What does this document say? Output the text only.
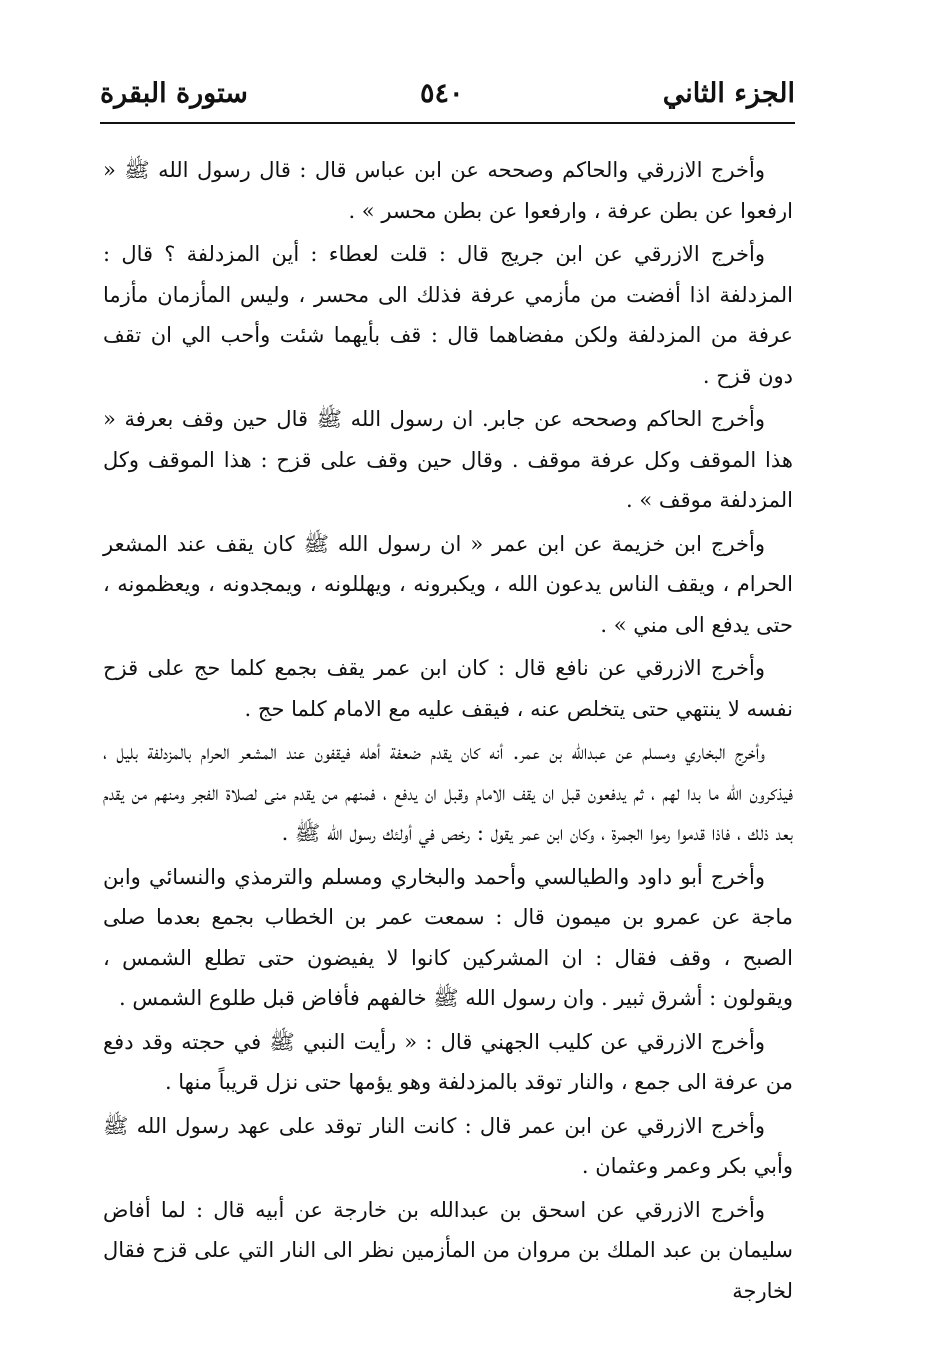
الجزء الثاني
٥٤٠
ستورة البقرة

وأخرج الازرقي والحاكم وصححه عن ابن عباس قال : قال رسول الله ﷺ « ارفعوا عن بطن عرفة ، وارفعوا عن بطن محسر » .

وأخرج الازرقي عن ابن جريج قال : قلت لعطاء : أين المزدلفة ؟ قال : المزدلفة اذا أفضت من مأزمي عرفة فذلك الى محسر ، وليس المأزمان مأزما عرفة من المزدلفة ولكن مفضاهما قال : قف بأيهما شئت وأحب الي ان تقف دون قزح .

وأخرج الحاكم وصححه عن جابر. ان رسول الله ﷺ قال حين وقف بعرفة « هذا الموقف وكل عرفة موقف . وقال حين وقف على قزح : هذا الموقف وكل المزدلفة موقف » .

وأخرج ابن خزيمة عن ابن عمر « ان رسول الله ﷺ كان يقف عند المشعر الحرام ، ويقف الناس يدعون الله ، ويكبرونه ، ويهللونه ، ويمجدونه ، ويعظمونه ، حتى يدفع الى مني » .

وأخرج الازرقي عن نافع قال : كان ابن عمر يقف بجمع كلما حج على قزح نفسه لا ينتهي حتى يتخلص عنه ، فيقف عليه مع الامام كلما حج .

وأخرج البخاري ومسلم عن عبدالله بن عمر. أنه كان يقدم ضعفة أهله فيقفون عند المشعر الحرام بالمزدلفة بليل ، فيذكرون الله ما بدا لهم ، ثم يدفعون قبل ان يقف الامام وقبل ان يدفع ، فمنهم من يقدم منى لصلاة الفجر ومنهم من يقدم بعد ذلك ، فاذا قدموا رموا الجمرة ، وكان ابن عمر يقول : رخص في أولئك رسول الله ﷺ .

وأخرج أبو داود والطيالسي وأحمد والبخاري ومسلم والترمذي والنسائي وابن ماجة عن عمرو بن ميمون قال : سمعت عمر بن الخطاب بجمع بعدما صلى الصبح ، وقف فقال : ان المشركين كانوا لا يفيضون حتى تطلع الشمس ، ويقولون : أشرق ثبير . وان رسول الله ﷺ خالفهم فأفاض قبل طلوع الشمس .

وأخرج الازرقي عن كليب الجهني قال : « رأيت النبي ﷺ في حجته وقد دفع من عرفة الى جمع ، والنار توقد بالمزدلفة وهو يؤمها حتى نزل قريباً منها .

وأخرج الازرقي عن ابن عمر قال : كانت النار توقد على عهد رسول الله ﷺ وأبي بكر وعمر وعثمان .

وأخرج الازرقي عن اسحق بن عبدالله بن خارجة عن أبيه قال : لما أفاض سليمان بن عبد الملك بن مروان من المأزمين نظر الى النار التي على قزح فقال لخارجة
